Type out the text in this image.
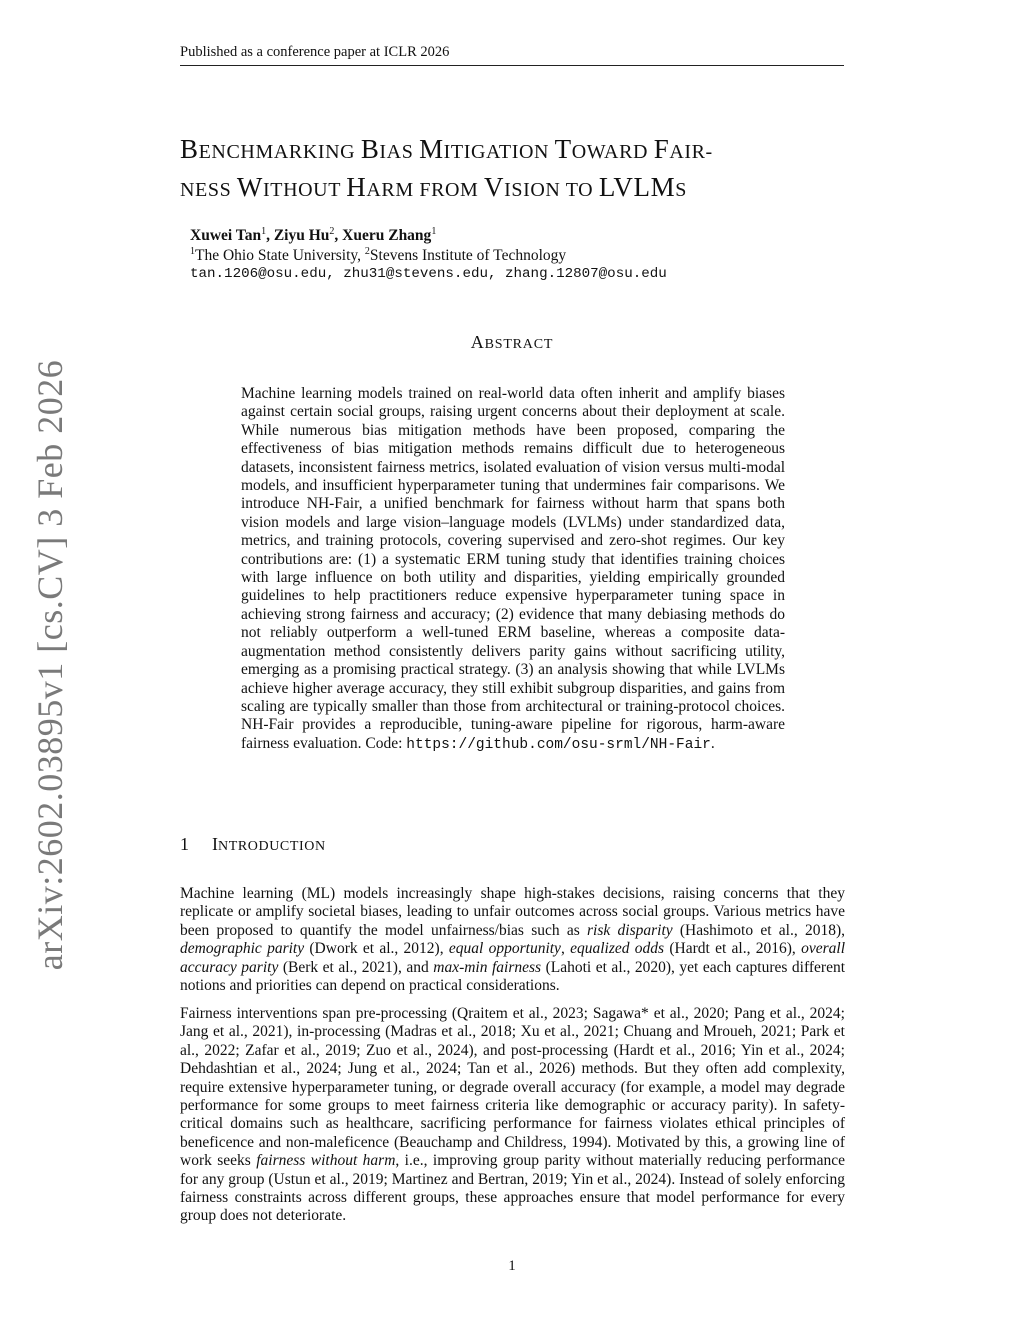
Published as a conference paper at ICLR 2026
BENCHMARKING BIAS MITIGATION TOWARD FAIR-
NESS WITHOUT HARM FROM VISION TO LVLMS
Xuwei Tan$^1$, Ziyu Hu$^2$, Xueru Zhang$^1$
$^1$The Ohio State University, $^2$Stevens Institute of Technology
tan.1206@osu.edu, zhu31@stevens.edu, zhang.12807@osu.edu
ABSTRACT

Machine learning models trained on real-world data often inherit and amplify biases against certain social groups, raising urgent concerns about their deployment at scale. While numerous bias mitigation methods have been proposed, comparing the effectiveness of bias mitigation methods remains difficult due to heterogeneous datasets, inconsistent fairness metrics, isolated evaluation of vision versus multi-modal models, and insufficient hyperparameter tuning that undermines fair comparisons. We introduce NH-Fair, a unified benchmark for fairness without harm that spans both vision models and large vision–language models (LVLMs) under standardized data, metrics, and training protocols, covering supervised and zero-shot regimes. Our key contributions are: (1) a systematic ERM tuning study that identifies training choices with large influence on both utility and disparities, yielding empirically grounded guidelines to help practitioners reduce expensive hyperparameter tuning space in achieving strong fairness and accuracy; (2) evidence that many debiasing methods do not reliably outperform a well-tuned ERM baseline, whereas a composite data-augmentation method consistently delivers parity gains without sacrificing utility, emerging as a promising practical strategy. (3) an analysis showing that while LVLMs achieve higher average accuracy, they still exhibit subgroup disparities, and gains from scaling are typically smaller than those from architectural or training-protocol choices. NH-Fair provides a reproducible, tuning-aware pipeline for rigorous, harm-aware fairness evaluation. Code: https://github.com/osu-srml/NH-Fair.

arXiv:2602.03895v1 [cs.CV] 3 Feb 2026	1 INTRODUCTION

Machine learning (ML) models increasingly shape high-stakes decisions, raising concerns that they replicate or amplify societal biases, leading to unfair outcomes across social groups. Various metrics have been proposed to quantify the model unfairness/bias such as risk disparity (Hashimoto et al., 2018), demographic parity (Dwork et al., 2012), equal opportunity, equalized odds (Hardt et al., 2016), overall accuracy parity (Berk et al., 2021), and max-min fairness (Lahoti et al., 2020), yet each captures different notions and priorities can depend on practical considerations.

Fairness interventions span pre-processing (Qraitem et al., 2023; Sagawa* et al., 2020; Pang et al., 2024; Jang et al., 2021), in-processing (Madras et al., 2018; Xu et al., 2021; Chuang and Mroueh, 2021; Park et al., 2022; Zafar et al., 2019; Zuo et al., 2024), and post-processing (Hardt et al., 2016; Yin et al., 2024; Dehdashtian et al., 2024; Jung et al., 2024; Tan et al., 2026) methods. But they often add complexity, require extensive hyperparameter tuning, or degrade overall accuracy (for example, a model may degrade performance for some groups to meet fairness criteria like demographic or accuracy parity). In safety-critical domains such as healthcare, sacrificing performance for fairness violates ethical principles of beneficence and non-maleficence (Beauchamp and Childress, 1994). Motivated by this, a growing line of work seeks fairness without harm, i.e., improving group parity without materially reducing performance for any group (Ustun et al., 2019; Martinez and Bertran, 2019; Yin et al., 2024). Instead of solely enforcing fairness constraints across different groups, these approaches ensure that model performance for every group does not deteriorate.

1
